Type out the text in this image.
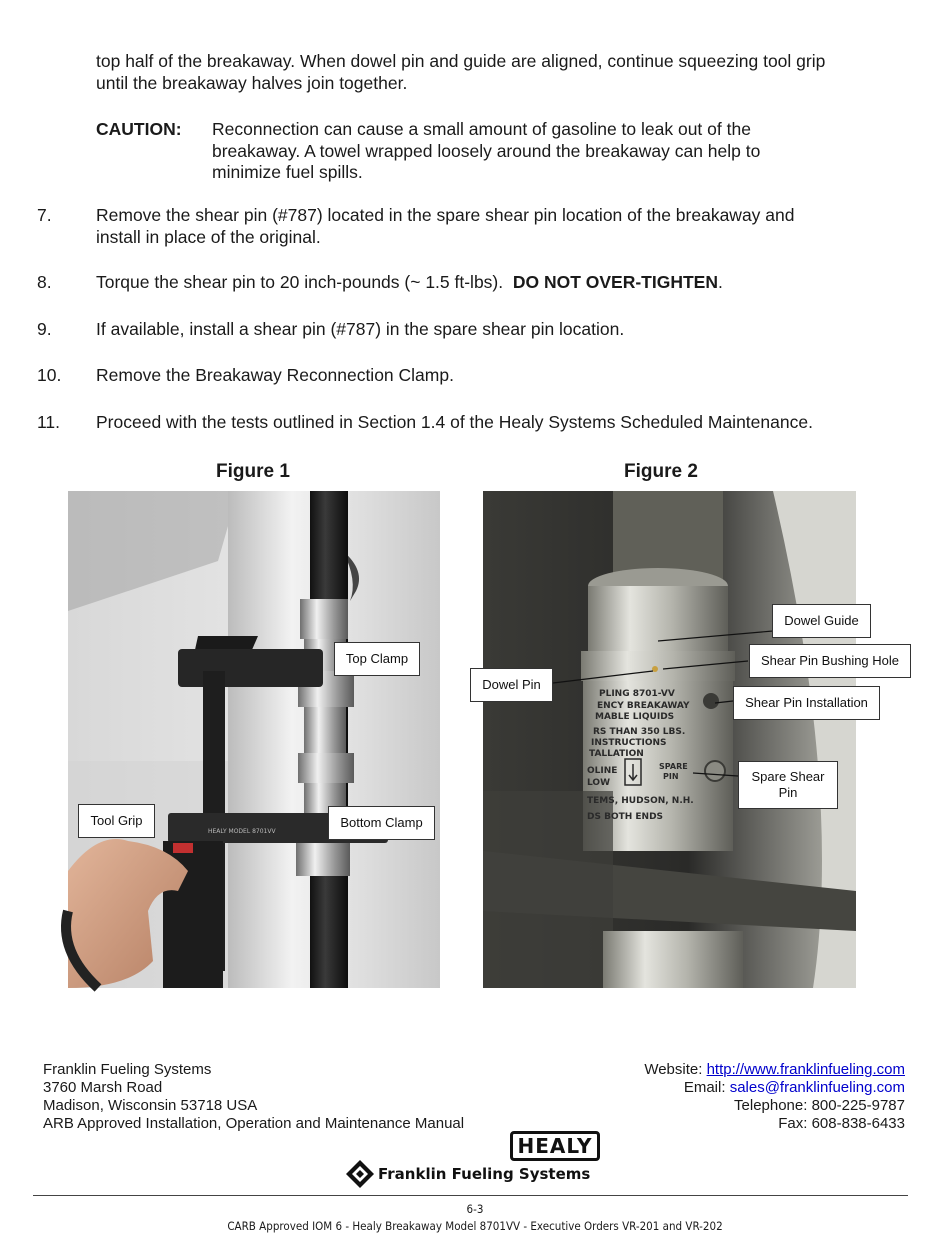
top half of the breakaway. When dowel pin and guide are aligned, continue squeezing tool grip
until the breakaway halves join together.
CAUTION: Reconnection can cause a small amount of gasoline to leak out of the
breakaway. A towel wrapped loosely around the breakaway can help to
minimize fuel spills.
7.	Remove the shear pin (#787) located in the spare shear pin location of the breakaway and
install in place of the original.
8.	Torque the shear pin to 20 inch-pounds (~ 1.5 ft-lbs).  DO NOT OVER-TIGHTEN.
9.	If available, install a shear pin (#787) in the spare shear pin location.
10. Remove the Breakaway Reconnection Clamp.
11. Proceed with the tests outlined in Section 1.4 of the Healy Systems Scheduled Maintenance.
Figure 1	Figure 2
HEALY MODEL 8701VV
Top Clamp
Tool Grip	Bottom Clamp
PLING 8701-VV
ENCY BREAKAWAY
MABLE LIQUIDS
RS THAN 350 LBS.
INSTRUCTIONS
TALLATION
OLINE
LOW
TEMS, HUDSON, N.H.
DS BOTH ENDS
SPARE
PIN
Dowel Guide
Shear Pin Bushing Hole
Shear Pin Installation
Spare Shear
Pin
Dowel Pin
Franklin Fueling Systems
3760 Marsh Road
Madison, Wisconsin 53718 USA
ARB Approved Installation, Operation and Maintenance Manual
Website: http://www.franklinfueling.com
Email: sales@franklinfueling.com
Telephone: 800-225-9787
Fax: 608-838-6433
HEALY
Franklin Fueling Systems
6-3
CARB Approved IOM 6 - Healy Breakaway Model 8701VV - Executive Orders VR-201 and VR-202
